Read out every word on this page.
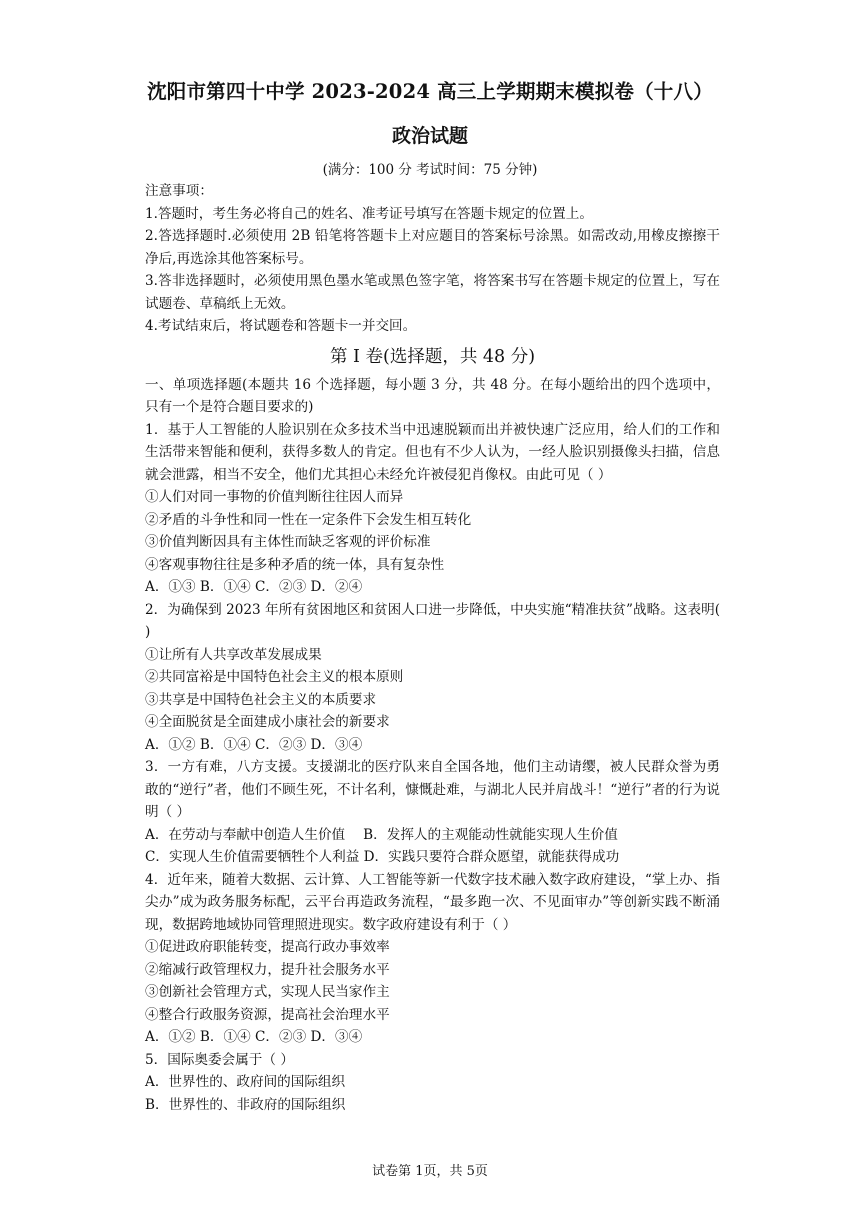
沈阳市第四十中学 2023-2024 高三上学期期末模拟卷（十八）
政治试题
(满分：100 分 考试时间：75 分钟)

注意事项：

1.答题时，考生务必将自己的姓名、准考证号填写在答题卡规定的位置上。

2.答选择题时.必须使用 2B 铅笔将答题卡上对应题目的答案标号涂黑。如需改动,用橡皮擦擦干净后,再选涂其他答案标号。

3.答非选择题时，必须使用黑色墨水笔或黑色签字笔，将答案书写在答题卡规定的位置上，写在试题卷、草稿纸上无效。

4.考试结束后，将试题卷和答题卡一并交回。

第 I 卷(选择题，共 48 分)

一、单项选择题(本题共 16 个选择题，每小题 3 分，共 48 分。在每小题给出的四个选项中，只有一个是符合题目要求的)

1．基于人工智能的人脸识别在众多技术当中迅速脱颖而出并被快速广泛应用，给人们的工作和生活带来智能和便利，获得多数人的肯定。但也有不少人认为，一经人脸识别摄像头扫描，信息就会泄露，相当不安全，他们尤其担心未经允许被侵犯肖像权。由此可见（ ）

①人们对同一事物的价值判断往往因人而异

②矛盾的斗争性和同一性在一定条件下会发生相互转化

③价值判断因具有主体性而缺乏客观的评价标准

④客观事物往往是多种矛盾的统一体，具有复杂性

A．①③ B．①④ C．②③ D．②④

2．为确保到 2023 年所有贫困地区和贫困人口进一步降低，中央实施“精准扶贫”战略。这表明( )

①让所有人共享改革发展成果

②共同富裕是中国特色社会主义的根本原则

③共享是中国特色社会主义的本质要求

④全面脱贫是全面建成小康社会的新要求

A．①② B．①④ C．②③ D．③④

3．一方有难，八方支援。支援湖北的医疗队来自全国各地，他们主动请缨，被人民群众誉为勇敢的“逆行”者，他们不顾生死，不计名利，慷慨赴难，与湖北人民并肩战斗！“逆行”者的行为说明（ ）

A．在劳动与奉献中创造人生价值 B．发挥人的主观能动性就能实现人生价值
C．实现人生价值需要牺牲个人利益 D．实践只要符合群众愿望，就能获得成功

4．近年来，随着大数据、云计算、人工智能等新一代数字技术融入数字政府建设，“掌上办、指尖办”成为政务服务标配，云平台再造政务流程，“最多跑一次、不见面审办”等创新实践不断涌现，数据跨地域协同管理照进现实。数字政府建设有利于（ ）

①促进政府职能转变，提高行政办事效率

②缩减行政管理权力，提升社会服务水平

③创新社会管理方式，实现人民当家作主

④整合行政服务资源，提高社会治理水平

A．①② B．①④ C．②③ D．③④

5．国际奥委会属于（ ）

A．世界性的、政府间的国际组织

B．世界性的、非政府的国际组织

试卷第 1页，共 5页
